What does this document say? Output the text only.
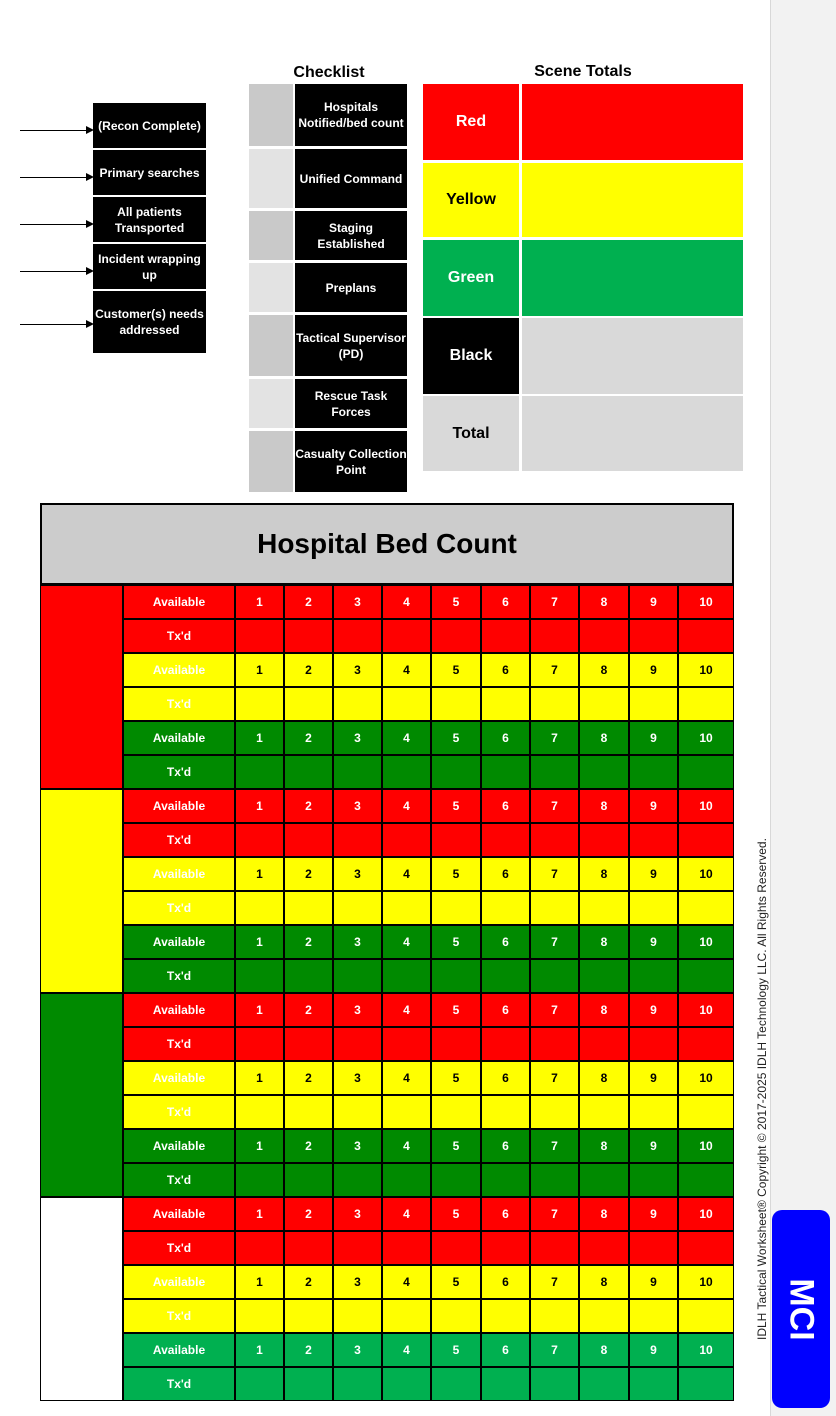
(Recon Complete)
Primary searches
All patients Transported
Incident wrapping up
Customer(s) needs addressed
Checklist
Hospitals Notified/bed count
Unified Command
Staging Established
Preplans
Tactical Supervisor (PD)
Rescue Task Forces
Casualty Collection Point
Scene Totals
Red
Yellow
Green
Black
Total
Hospital Bed Count
Available	1	2	3	4	5	6	7	8	9	10
Tx'd
Available	1	2	3	4	5	6	7	8	9	10
Tx'd
Available	1	2	3	4	5	6	7	8	9	10
Tx'd
Available	1	2	3	4	5	6	7	8	9	10
Tx'd
Available	1	2	3	4	5	6	7	8	9	10
Tx'd
Available	1	2	3	4	5	6	7	8	9	10
Tx'd
Available	1	2	3	4	5	6	7	8	9	10
Tx'd
Available	1	2	3	4	5	6	7	8	9	10
Tx'd
Available	1	2	3	4	5	6	7	8	9	10
Tx'd
Available	1	2	3	4	5	6	7	8	9	10
Tx'd
Available	1	2	3	4	5	6	7	8	9	10
Tx'd
Available	1	2	3	4	5	6	7	8	9	10
Tx'd
IDLH Tactical Worksheet® Copyright © 2017-2025 IDLH Technology LLC. All Rights Reserved. MCI
